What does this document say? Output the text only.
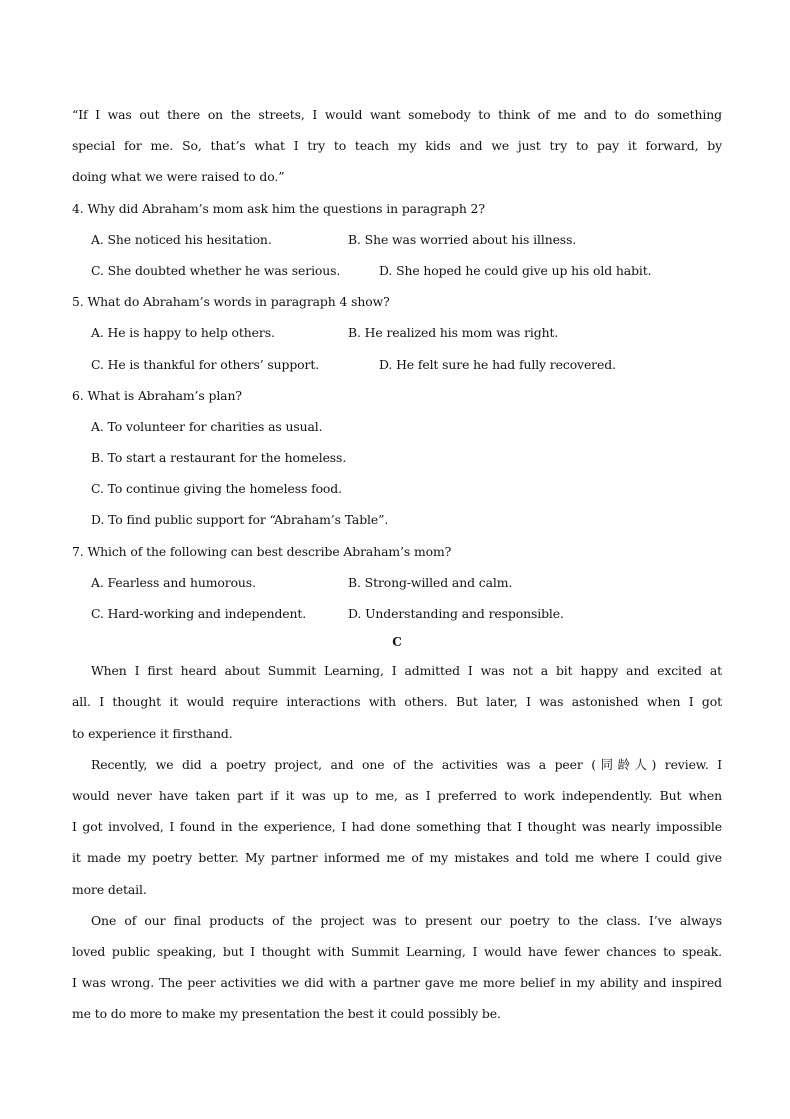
“If I was out there on the streets, I would want somebody to think of me and to do something
special for me. So, that’s what I try to teach my kids and we just try to pay it forward, by
doing what we were raised to do.”
4. Why did Abraham’s mom ask him the questions in paragraph 2?
A. She noticed his hesitation.	B. She was worried about his illness.
C. She doubted whether he was serious.	D. She hoped he could give up his old habit.
5. What do Abraham’s words in paragraph 4 show?
A. He is happy to help others.	B. He realized his mom was right.
C. He is thankful for others’ support.	D. He felt sure he had fully recovered.
6. What is Abraham’s plan?
A. To volunteer for charities as usual.
B. To start a restaurant for the homeless.
C. To continue giving the homeless food.
D. To find public support for “Abraham’s Table”.
7. Which of the following can best describe Abraham’s mom?
A. Fearless and humorous.	B. Strong-willed and calm.
C. Hard-working and independent.	D. Understanding and responsible.
C
When I first heard about Summit Learning, I admitted I was not a bit happy and excited at
all. I thought it would require interactions with others. But later, I was astonished when I got
to experience it firsthand.
Recently, we did a poetry project, and one of the activities was a peer (同龄人) review. I
would never have taken part if it was up to me, as I preferred to work independently. But when
I got involved, I found in the experience, I had done something that I thought was nearly impossible
it made my poetry better. My partner informed me of my mistakes and told me where I could give
more detail.
One of our final products of the project was to present our poetry to the class. I’ve always
loved public speaking, but I thought with Summit Learning, I would have fewer chances to speak.
I was wrong. The peer activities we did with a partner gave me more belief in my ability and inspired
me to do more to make my presentation the best it could possibly be.
